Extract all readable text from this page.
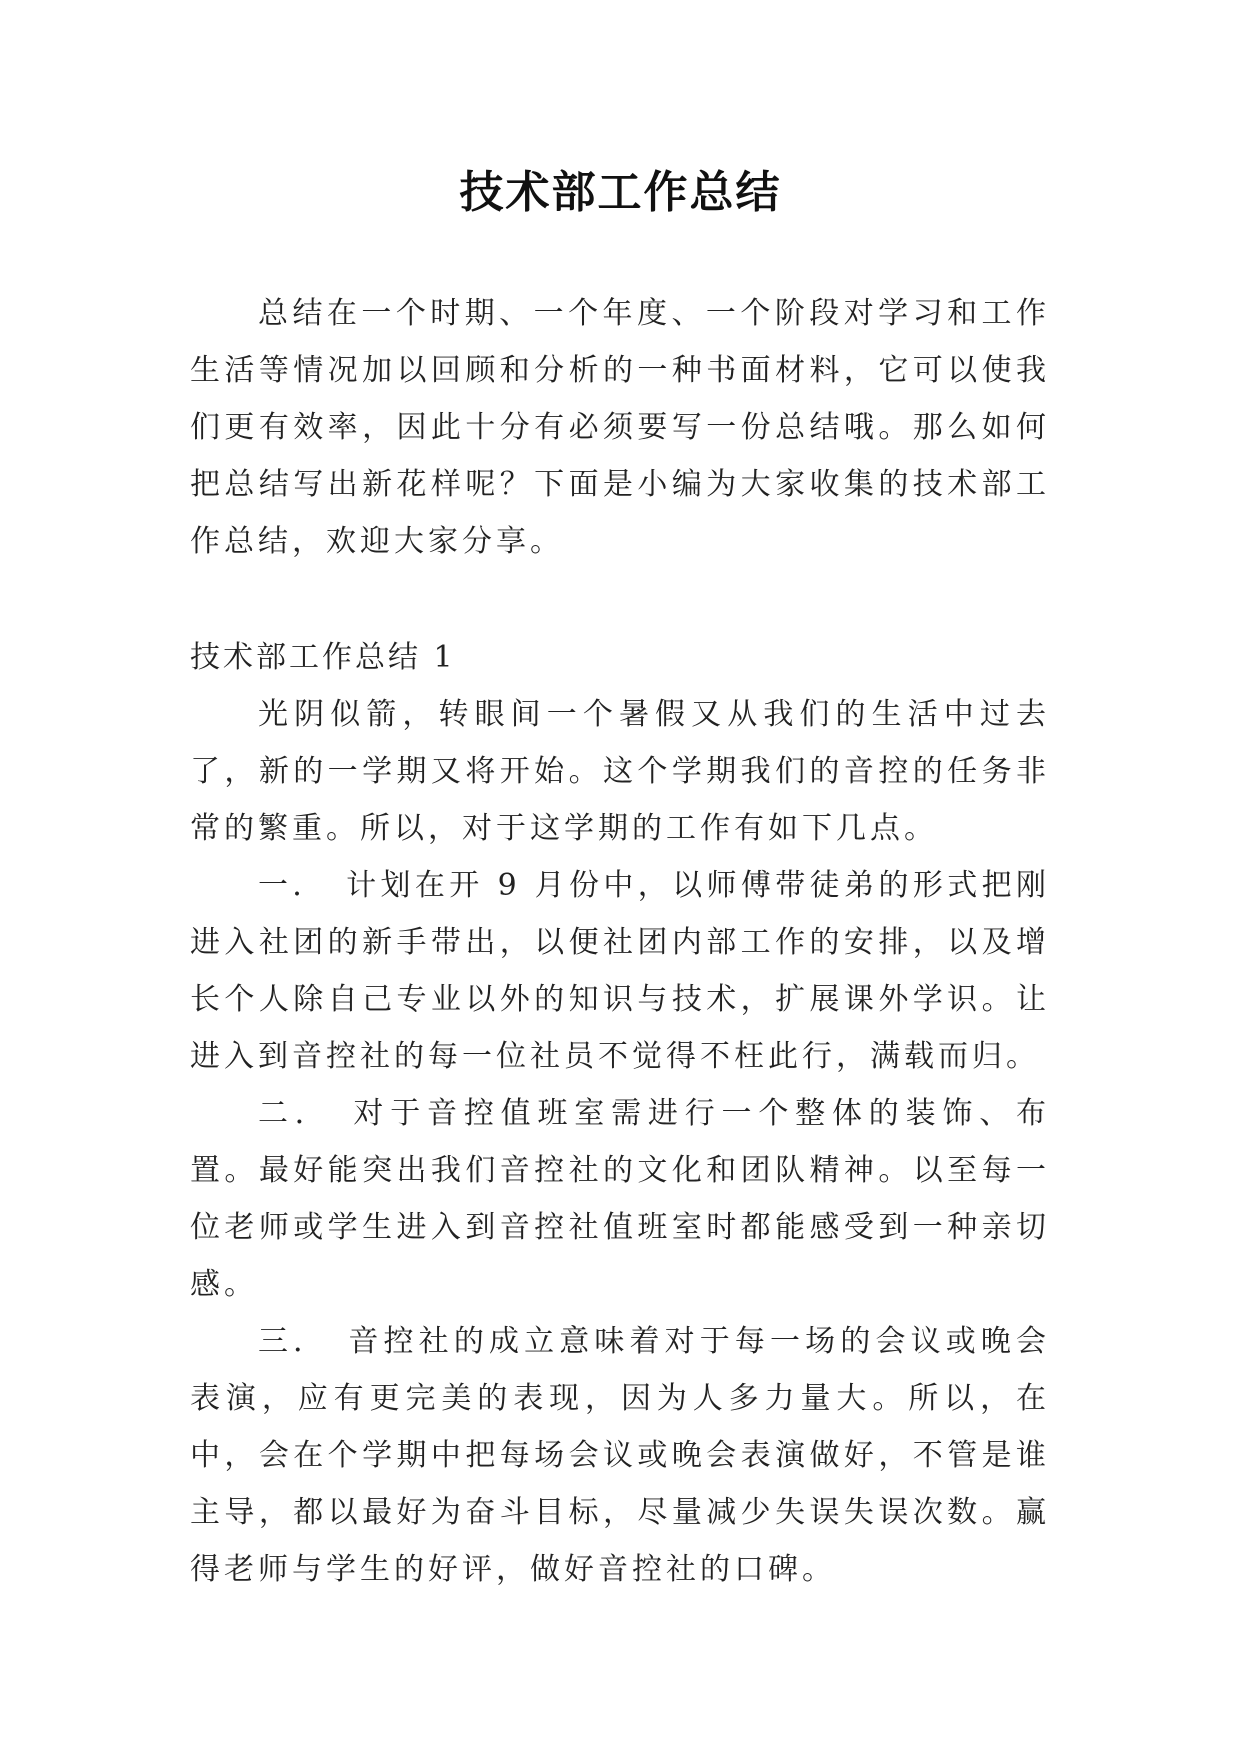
技术部工作总结

总结在一个时期、一个年度、一个阶段对学习和工作生活等情况加以回顾和分析的一种书面材料，它可以使我们更有效率，因此十分有必须要写一份总结哦。那么如何把总结写出新花样呢？下面是小编为大家收集的技术部工作总结，欢迎大家分享。

技术部工作总结 1

光阴似箭，转眼间一个暑假又从我们的生活中过去了，新的一学期又将开始。这个学期我们的音控的任务非常的繁重。所以，对于这学期的工作有如下几点。

一．　计划在开 9 月份中，以师傅带徒弟的形式把刚进入社团的新手带出，以便社团内部工作的安排，以及增长个人除自己专业以外的知识与技术，扩展课外学识。让进入到音控社的每一位社员不觉得不枉此行，满载而归。

二．　对于音控值班室需进行一个整体的装饰、布置。最好能突出我们音控社的文化和团队精神。以至每一位老师或学生进入到音控社值班室时都能感受到一种亲切感。

三．　音控社的成立意味着对于每一场的会议或晚会表演，应有更完美的表现，因为人多力量大。所以，在中，会在个学期中把每场会议或晚会表演做好，不管是谁主导，都以最好为奋斗目标，尽量减少失误失误次数。赢得老师与学生的好评，做好音控社的口碑。
